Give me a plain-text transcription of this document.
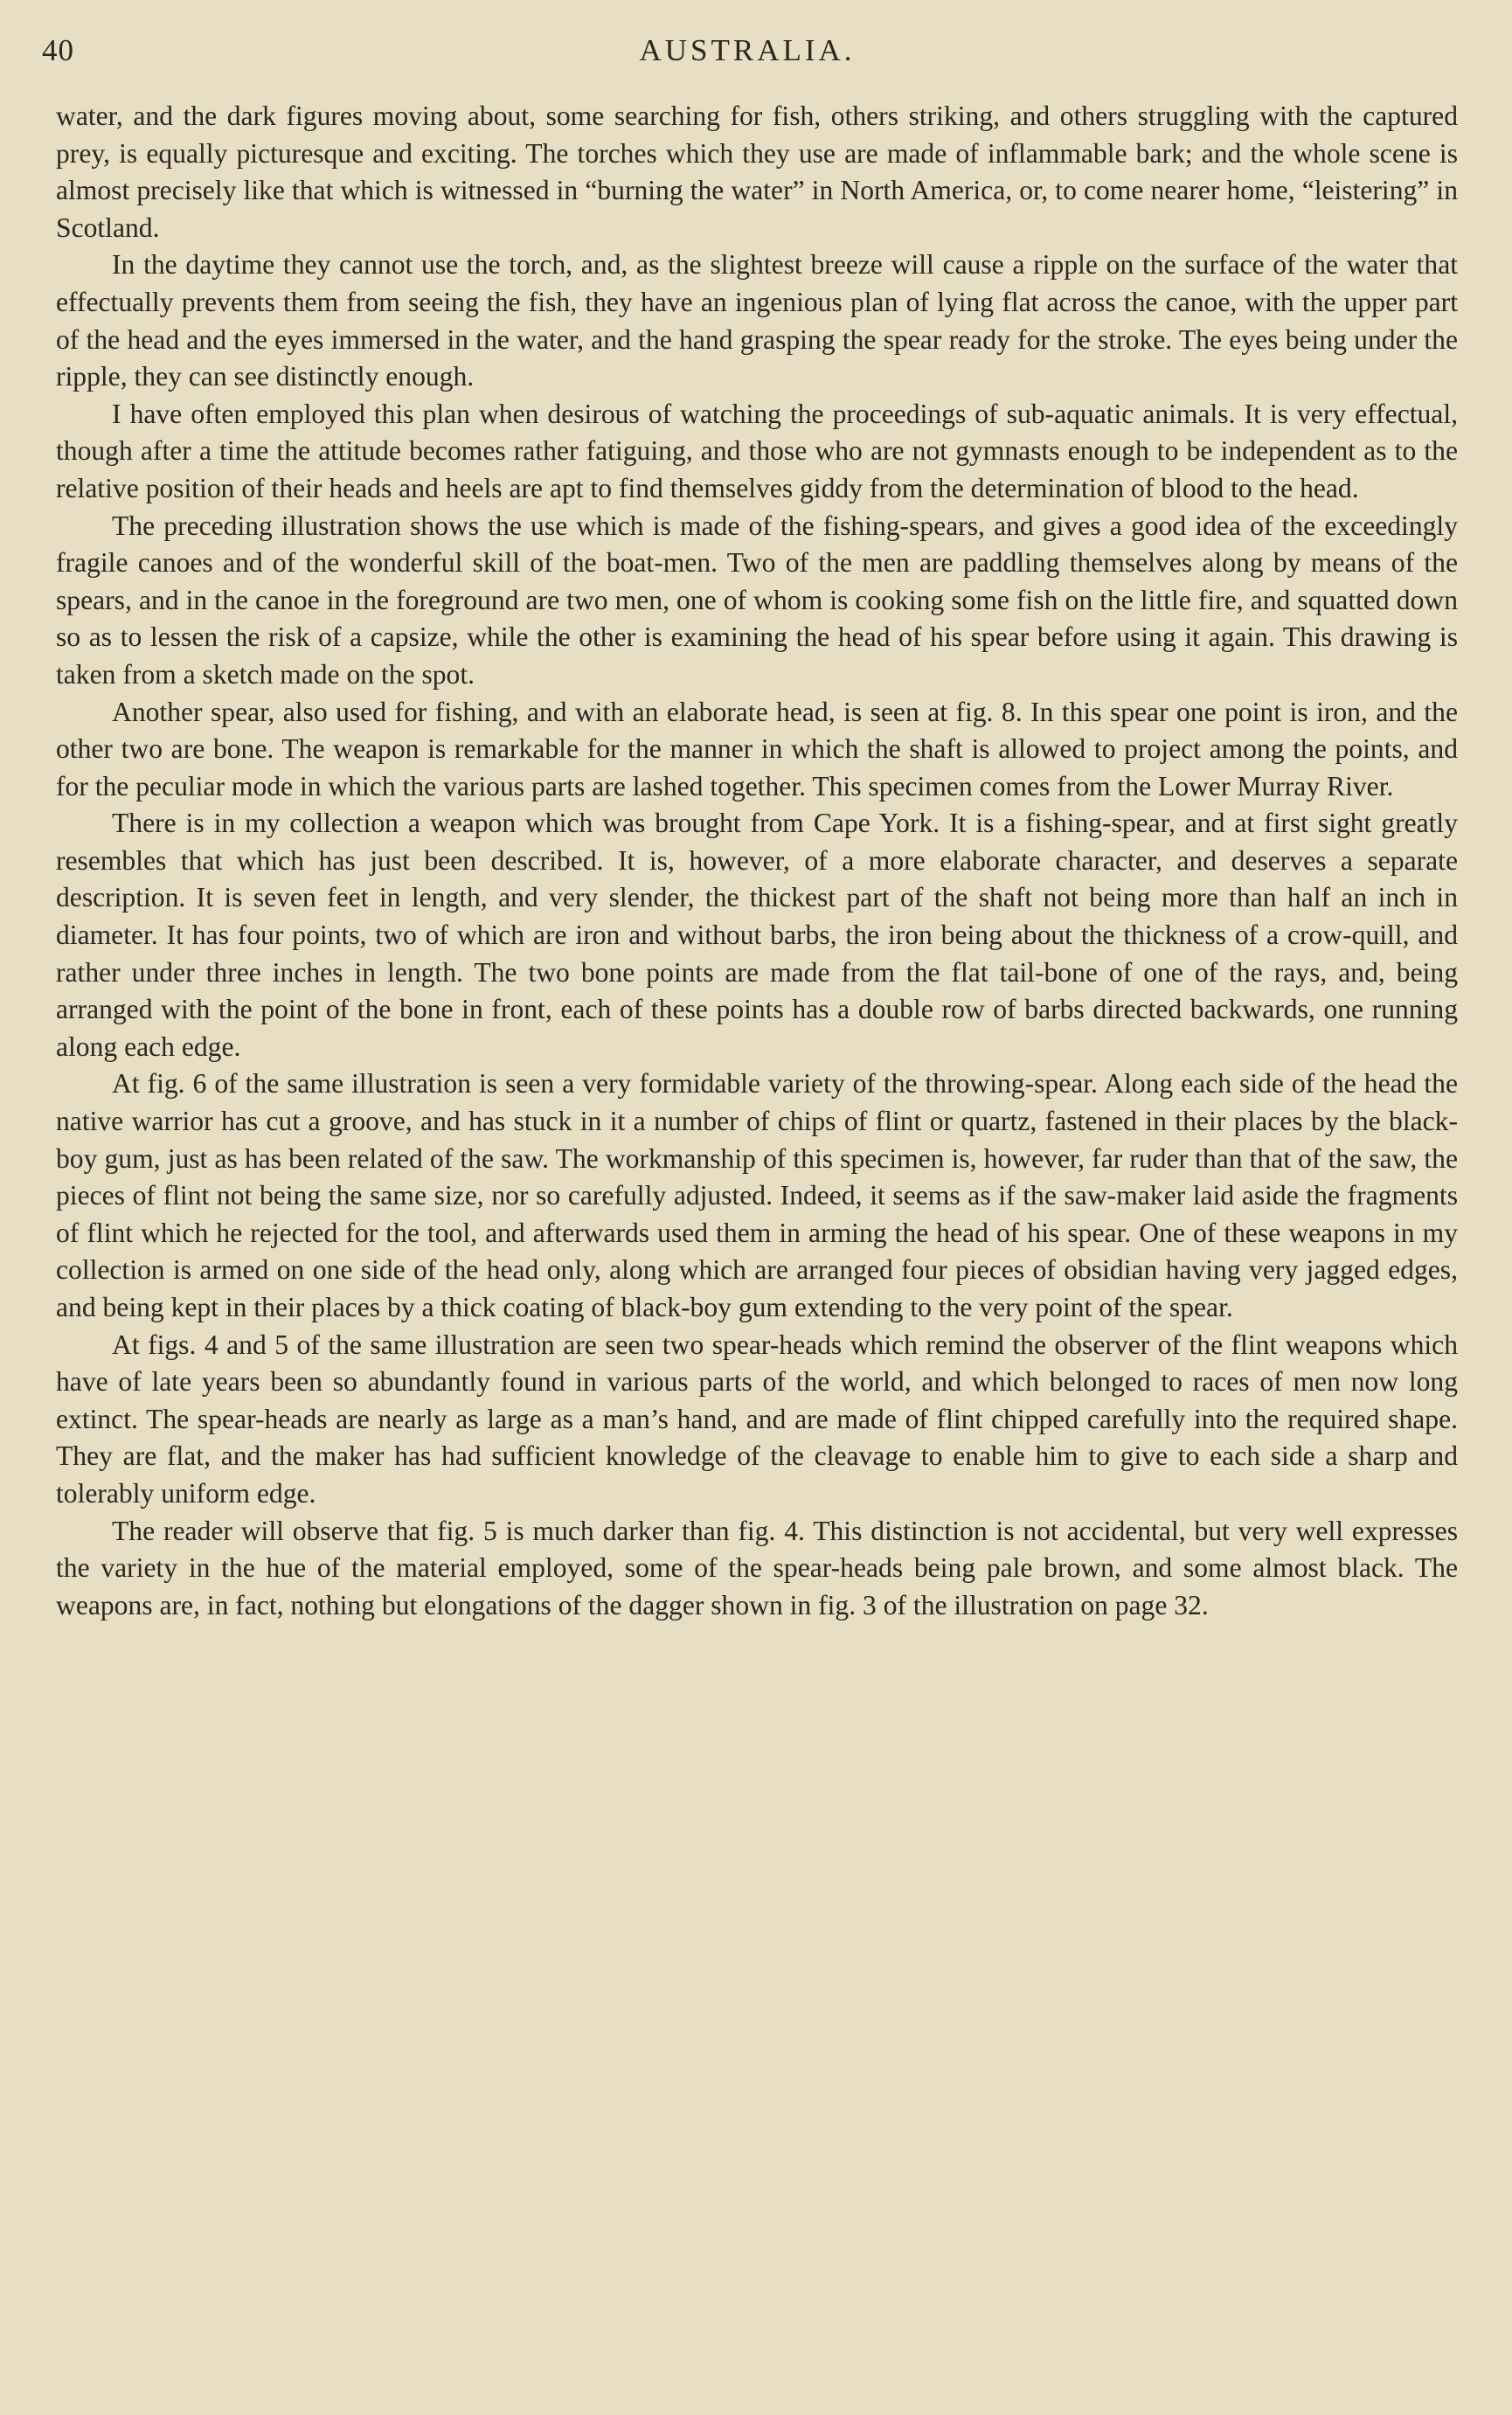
40	AUSTRALIA.

water, and the dark figures moving about, some searching for fish, others striking, and others struggling with the captured prey, is equally picturesque and exciting. The torches which they use are made of inflammable bark; and the whole scene is almost precisely like that which is witnessed in “burning the water” in North America, or, to come nearer home, “leistering” in Scotland.

In the daytime they cannot use the torch, and, as the slightest breeze will cause a ripple on the surface of the water that effectually prevents them from seeing the fish, they have an ingenious plan of lying flat across the canoe, with the upper part of the head and the eyes immersed in the water, and the hand grasping the spear ready for the stroke. The eyes being under the ripple, they can see distinctly enough.

I have often employed this plan when desirous of watching the proceedings of sub-aquatic animals. It is very effectual, though after a time the attitude becomes rather fatiguing, and those who are not gymnasts enough to be independent as to the relative position of their heads and heels are apt to find themselves giddy from the determination of blood to the head.

The preceding illustration shows the use which is made of the fishing-spears, and gives a good idea of the exceedingly fragile canoes and of the wonderful skill of the boat-men. Two of the men are paddling themselves along by means of the spears, and in the canoe in the foreground are two men, one of whom is cooking some fish on the little fire, and squatted down so as to lessen the risk of a capsize, while the other is examining the head of his spear before using it again. This drawing is taken from a sketch made on the spot.

Another spear, also used for fishing, and with an elaborate head, is seen at fig. 8. In this spear one point is iron, and the other two are bone. The weapon is remarkable for the manner in which the shaft is allowed to project among the points, and for the peculiar mode in which the various parts are lashed together. This specimen comes from the Lower Murray River.

There is in my collection a weapon which was brought from Cape York. It is a fishing-spear, and at first sight greatly resembles that which has just been described. It is, however, of a more elaborate character, and deserves a separate description. It is seven feet in length, and very slender, the thickest part of the shaft not being more than half an inch in diameter. It has four points, two of which are iron and without barbs, the iron being about the thickness of a crow-quill, and rather under three inches in length. The two bone points are made from the flat tail-bone of one of the rays, and, being arranged with the point of the bone in front, each of these points has a double row of barbs directed backwards, one running along each edge.

At fig. 6 of the same illustration is seen a very formidable variety of the throwing-spear. Along each side of the head the native warrior has cut a groove, and has stuck in it a number of chips of flint or quartz, fastened in their places by the black-boy gum, just as has been related of the saw. The workmanship of this specimen is, however, far ruder than that of the saw, the pieces of flint not being the same size, nor so carefully adjusted. Indeed, it seems as if the saw-maker laid aside the fragments of flint which he rejected for the tool, and afterwards used them in arming the head of his spear. One of these weapons in my collection is armed on one side of the head only, along which are arranged four pieces of obsidian having very jagged edges, and being kept in their places by a thick coating of black-boy gum extending to the very point of the spear.

At figs. 4 and 5 of the same illustration are seen two spear-heads which remind the observer of the flint weapons which have of late years been so abundantly found in various parts of the world, and which belonged to races of men now long extinct. The spear-heads are nearly as large as a man’s hand, and are made of flint chipped carefully into the required shape. They are flat, and the maker has had sufficient knowledge of the cleavage to enable him to give to each side a sharp and tolerably uniform edge.

The reader will observe that fig. 5 is much darker than fig. 4. This distinction is not accidental, but very well expresses the variety in the hue of the material employed, some of the spear-heads being pale brown, and some almost black. The weapons are, in fact, nothing but elongations of the dagger shown in fig. 3 of the illustration on page 32.
